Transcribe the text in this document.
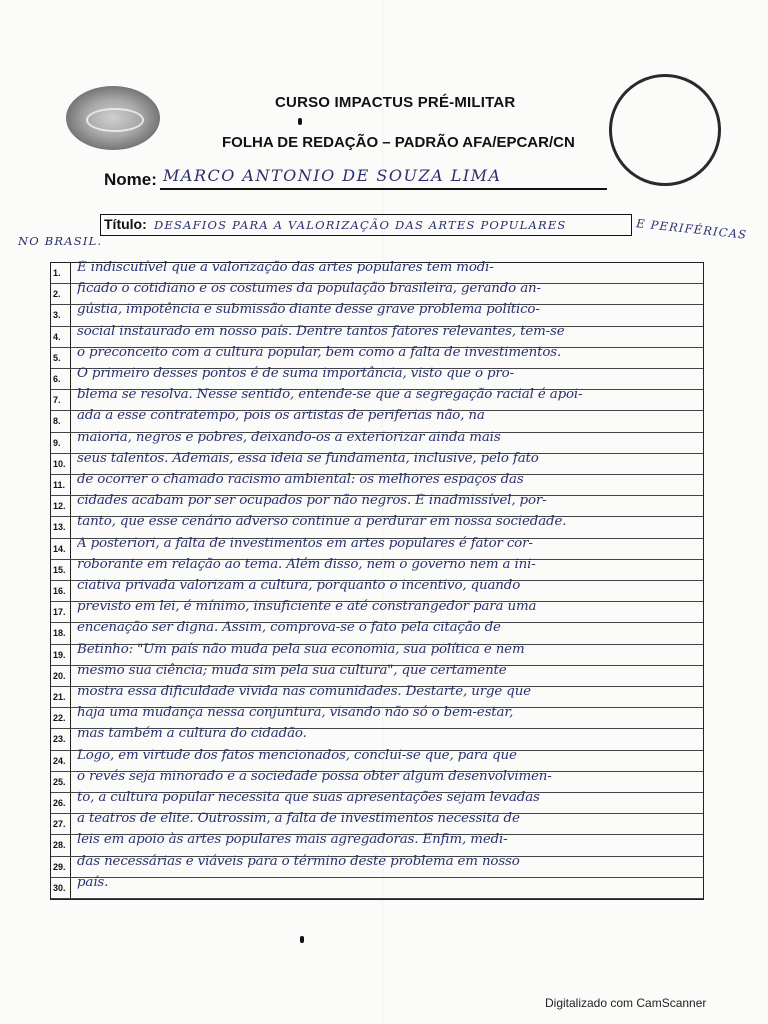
CURSO IMPACTUS PRÉ-MILITAR
FOLHA DE REDAÇÃO – PADRÃO AFA/EPCAR/CN
Nome: MARCO ANTONIO DE SOUZA LIMA
Título: DESAFIOS PARA A VALORIZAÇÃO DAS ARTES POPULARES	E PERIFÉRICAS
NO BRASIL.
1.	É indiscutível que a valorização das artes populares tem modi-
2.	ficado o cotidiano e os costumes da população brasileira, gerando an-
3.	gústia, impotência e submissão diante desse grave problema político-
4.	social instaurado em nosso país. Dentre tantos fatores relevantes, tem-se
5.	o preconceito com a cultura popular, bem como a falta de investimentos.
6.	O primeiro desses pontos é de suma importância, visto que o pro-
7.	blema se resolva. Nesse sentido, entende-se que a segregação racial é apoi-
8.	ada a esse contratempo, pois os artistas de periferias não, na
9.	maioria, negros e pobres, deixando-os a exteriorizar ainda mais
10. seus talentos. Ademais, essa ideia se fundamenta, inclusive, pelo fato
11. de ocorrer o chamado racismo ambiental: os melhores espaços das
12. cidades acabam por ser ocupados por não negros. É inadmissível, por-
13. tanto, que esse cenário adverso continue a perdurar em nossa sociedade.
14. A posteriori, a falta de investimentos em artes populares é fator cor-
15. roborante em relação ao tema. Além disso, nem o governo nem a ini-
16. ciativa privada valorizam a cultura, porquanto o incentivo, quando
17. previsto em lei, é mínimo, insuficiente e até constrangedor para uma
18. encenação ser digna. Assim, comprova-se o fato pela citação de
19. Betinho: "Um país não muda pela sua economia, sua política e nem
20. mesmo sua ciência; muda sim pela sua cultura", que certamente
21. mostra essa dificuldade vivida nas comunidades. Destarte, urge que
22. haja uma mudança nessa conjuntura, visando não só o bem-estar,
23. mas também a cultura do cidadão.
24. Logo, em virtude dos fatos mencionados, conclui-se que, para que
25. o revés seja minorado e a sociedade possa obter algum desenvolvimen-
26. to, a cultura popular necessita que suas apresentações sejam levadas
27. a teatros de elite. Outrossim, a falta de investimentos necessita de
28. leis em apoio às artes populares mais agregadoras. Enfim, medi-
29. das necessárias e viáveis para o término deste problema em nosso
30. país.
Digitalizado com CamScanner
